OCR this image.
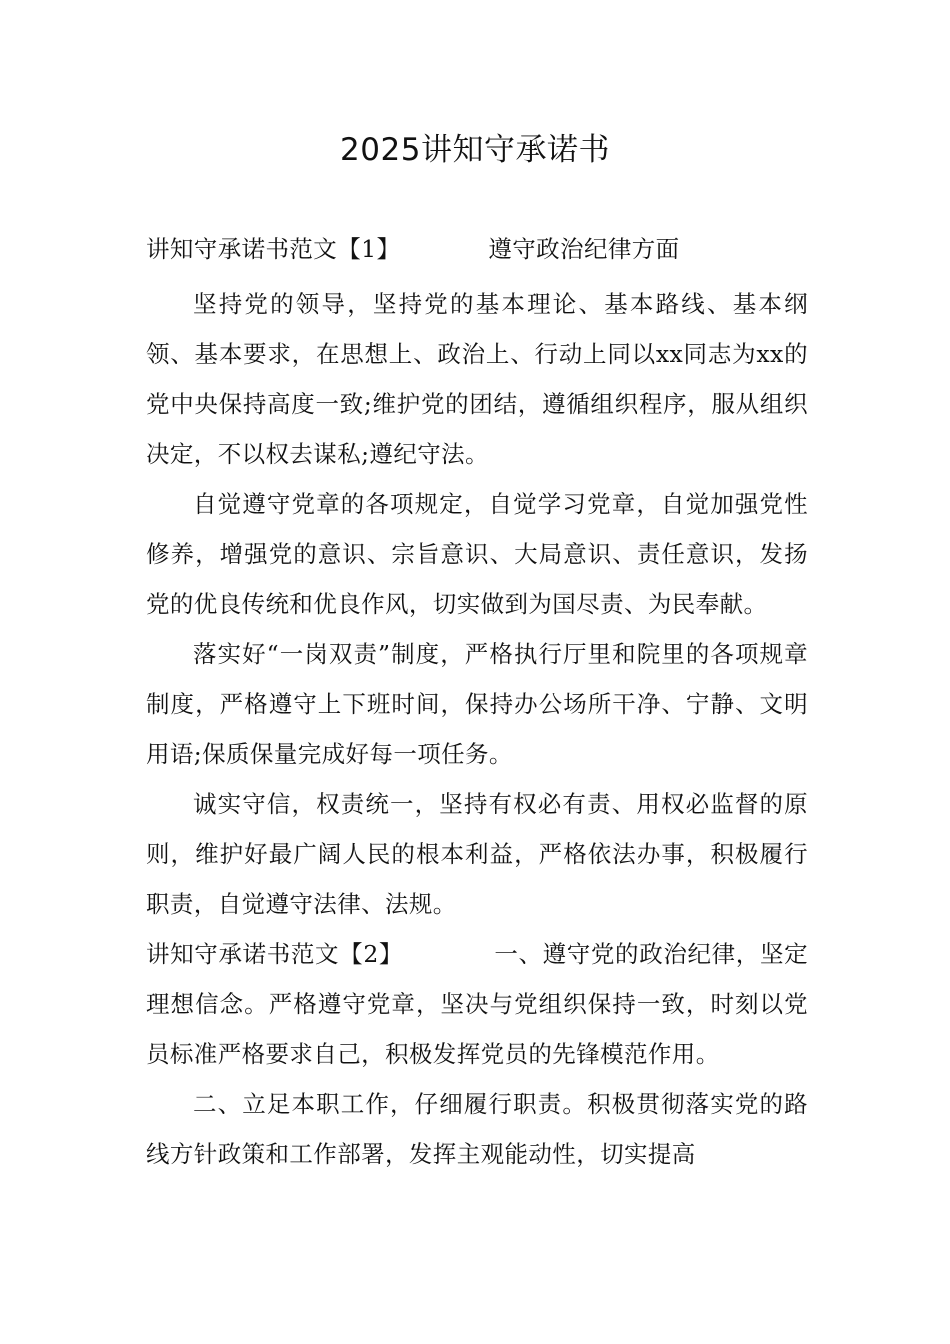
2025讲知守承诺书

讲知守承诺书范文【1】	遵守政治纪律方面

坚持党的领导，坚持党的基本理论、基本路线、基本纲领、基本要求，在思想上、政治上、行动上同以xx同志为xx的党中央保持高度一致;维护党的团结，遵循组织程序，服从组织决定，不以权去谋私;遵纪守法。

自觉遵守党章的各项规定，自觉学习党章，自觉加强党性修养，增强党的意识、宗旨意识、大局意识、责任意识，发扬党的优良传统和优良作风，切实做到为国尽责、为民奉献。

落实好“一岗双责”制度，严格执行厅里和院里的各项规章制度，严格遵守上下班时间，保持办公场所干净、宁静、文明用语;保质保量完成好每一项任务。

诚实守信，权责统一，坚持有权必有责、用权必监督的原则，维护好最广阔人民的根本利益，严格依法办事，积极履行职责，自觉遵守法律、法规。

讲知守承诺书范文【2】	一、遵守党的政治纪律，坚定理想信念。严格遵守党章，坚决与党组织保持一致，时刻以党员标准严格要求自己，积极发挥党员的先锋模范作用。

二、立足本职工作，仔细履行职责。积极贯彻落实党的路线方针政策和工作部署，发挥主观能动性，切实提高
